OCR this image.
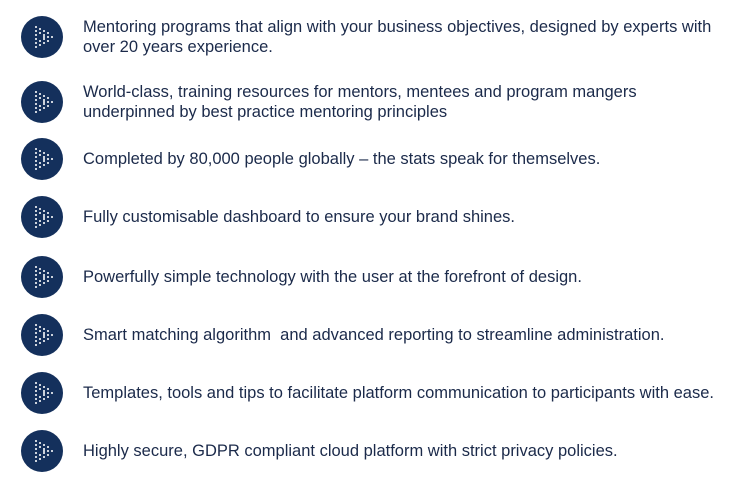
Mentoring programs that align with your business objectives, designed by experts with over 20 years experience.
World-class, training resources for mentors, mentees and program mangers underpinned by best practice mentoring principles
Completed by 80,000 people globally – the stats speak for themselves.
Fully customisable dashboard to ensure your brand shines.
Powerfully simple technology with the user at the forefront of design.
Smart matching algorithm  and advanced reporting to streamline administration.
Templates, tools and tips to facilitate platform communication to participants with ease.
Highly secure, GDPR compliant cloud platform with strict privacy policies.
